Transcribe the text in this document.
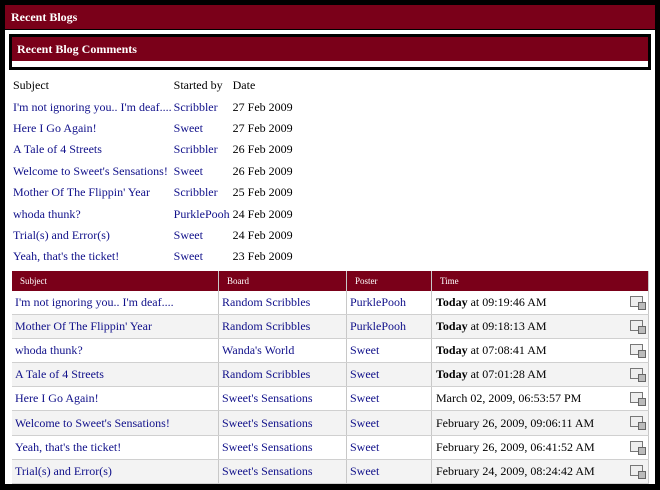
Recent Blogs
Recent Blog Comments
Subject	Started by	Date
I'm not ignoring you.. I'm deaf....	Scribbler	27 Feb 2009
Here I Go Again!	Sweet	27 Feb 2009
A Tale of 4 Streets	Scribbler	26 Feb 2009
Welcome to Sweet's Sensations!	Sweet	26 Feb 2009
Mother Of The Flippin' Year	Scribbler	25 Feb 2009
whoda thunk?	PurklePooh	24 Feb 2009
Trial(s) and Error(s)	Sweet	24 Feb 2009
Yeah, that's the ticket!	Sweet	23 Feb 2009
Subject	Board	Poster	Time
I'm not ignoring you.. I'm deaf....	Random Scribbles	PurklePooh	Today at 09:19:46 AM

Mother Of The Flippin' Year	Random Scribbles	PurklePooh	Today at 09:18:13 AM

whoda thunk?	Wanda's World	Sweet	Today at 07:08:41 AM

A Tale of 4 Streets	Random Scribbles	Sweet	Today at 07:01:28 AM

Here I Go Again!	Sweet's Sensations	Sweet	March 02, 2009, 06:53:57 PM

Welcome to Sweet's Sensations!	Sweet's Sensations	Sweet	February 26, 2009, 09:06:11 AM

Yeah, that's the ticket!	Sweet's Sensations	Sweet	February 26, 2009, 06:41:52 AM

Trial(s) and Error(s)	Sweet's Sensations	Sweet	February 24, 2009, 08:24:42 AM
